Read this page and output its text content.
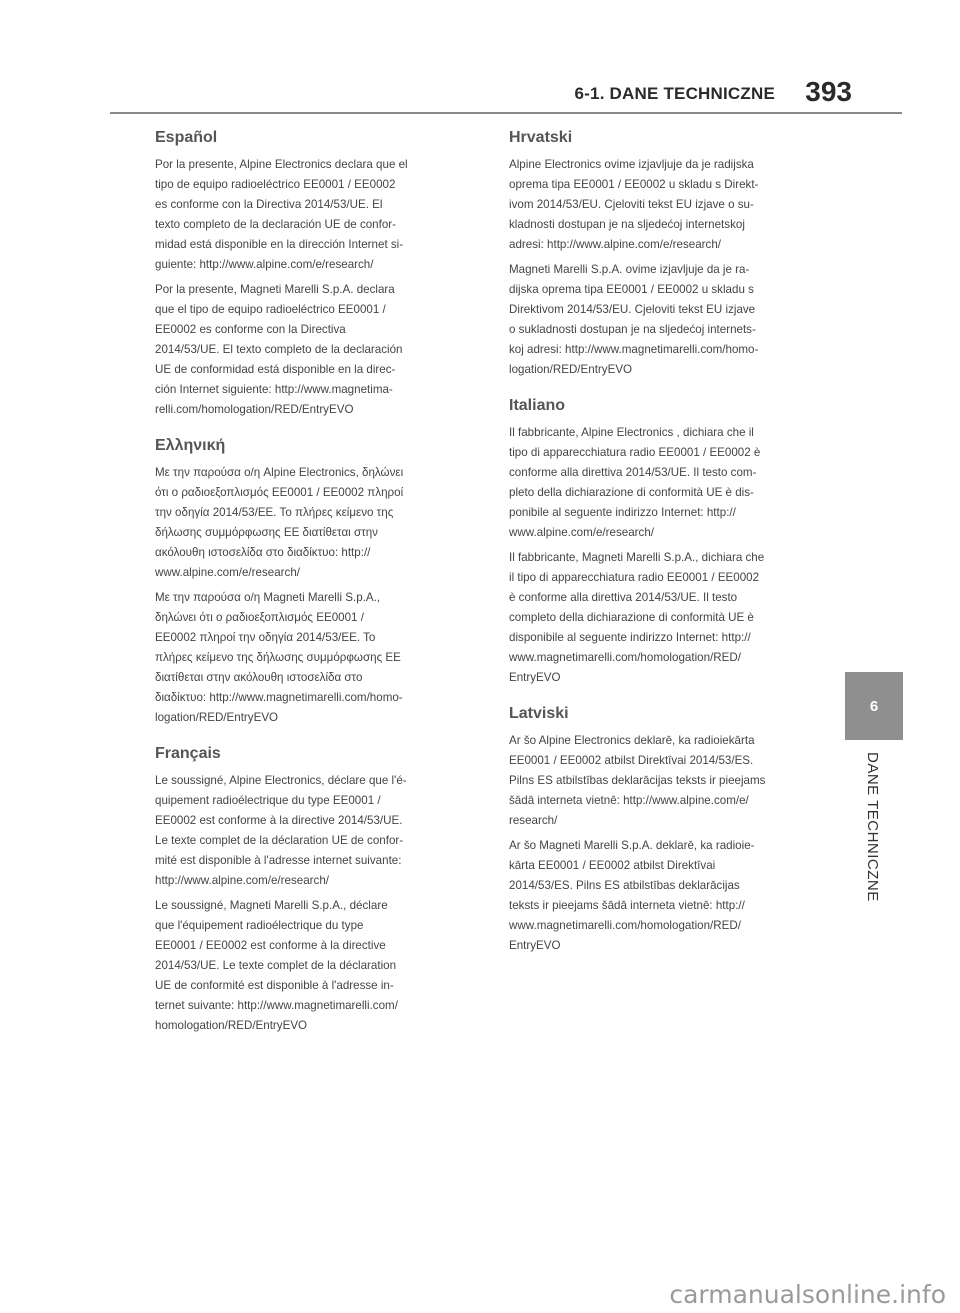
6-1. DANE TECHNICZNE 393
Español

Por la presente, Alpine Electronics declara que el
tipo de equipo radioeléctrico EE0001 / EE0002
es conforme con la Directiva 2014/53/UE. El
texto completo de la declaración UE de confor-
midad está disponible en la dirección Internet si-
guiente: http://www.alpine.com/e/research/

Por la presente, Magneti Marelli S.p.A. declara
que el tipo de equipo radioeléctrico EE0001 /
EE0002 es conforme con la Directiva
2014/53/UE. El texto completo de la declaración
UE de conformidad está disponible en la direc-
ción Internet siguiente: http://www.magnetima-
relli.com/homologation/RED/EntryEVO

Ελληνική

Με την παρούσα ο/η Alpine Electronics, δηλώνει
ότι ο ραδιοεξοπλισμός EE0001 / EE0002 πληροί
την οδηγία 2014/53/ΕΕ. Το πλήρες κείμενο της
δήλωσης συμμόρφωσης ΕΕ διατίθεται στην
ακόλουθη ιστοσελίδα στο διαδίκτυο: http://
www.alpine.com/e/research/

Με την παρούσα ο/η Magneti Marelli S.p.A.,
δηλώνει ότι ο ραδιοεξοπλισμός EE0001 /
EE0002 πληροί την οδηγία 2014/53/ΕΕ. Το
πλήρες κείμενο της δήλωσης συμμόρφωσης ΕΕ
διατίθεται στην ακόλουθη ιστοσελίδα στο
διαδίκτυο: http://www.magnetimarelli.com/homo-
logation/RED/EntryEVO

Français

Le soussigné, Alpine Electronics, déclare que l'é-
quipement radioélectrique du type EE0001 /
EE0002 est conforme à la directive 2014/53/UE.
Le texte complet de la déclaration UE de confor-
mité est disponible à l'adresse internet suivante:
http://www.alpine.com/e/research/

Le soussigné, Magneti Marelli S.p.A., déclare
que l'équipement radioélectrique du type
EE0001 / EE0002 est conforme à la directive
2014/53/UE. Le texte complet de la déclaration
UE de conformité est disponible à l'adresse in-
ternet suivante: http://www.magnetimarelli.com/
homologation/RED/EntryEVO

Hrvatski

Alpine Electronics ovime izjavljuje da je radijska
oprema tipa EE0001 / EE0002 u skladu s Direkt-
ivom 2014/53/EU. Cjeloviti tekst EU izjave o su-
kladnosti dostupan je na sljedećoj internetskoj
adresi: http://www.alpine.com/e/research/

Magneti Marelli S.p.A. ovime izjavljuje da je ra-
dijska oprema tipa EE0001 / EE0002 u skladu s
Direktivom 2014/53/EU. Cjeloviti tekst EU izjave
o sukladnosti dostupan je na sljedećoj internets-
koj adresi: http://www.magnetimarelli.com/homo-
logation/RED/EntryEVO

Italiano

Il fabbricante, Alpine Electronics , dichiara che il
tipo di apparecchiatura radio EE0001 / EE0002 è
conforme alla direttiva 2014/53/UE. Il testo com-
pleto della dichiarazione di conformità UE è dis-
ponibile al seguente indirizzo Internet: http://
www.alpine.com/e/research/

Il fabbricante, Magneti Marelli S.p.A., dichiara che
il tipo di apparecchiatura radio EE0001 / EE0002
è conforme alla direttiva 2014/53/UE. Il testo
completo della dichiarazione di conformità UE è
disponibile al seguente indirizzo Internet: http://
www.magnetimarelli.com/homologation/RED/
EntryEVO

Latviski

Ar šo Alpine Electronics deklarē, ka radioiekārta
EE0001 / EE0002 atbilst Direktīvai 2014/53/ES.
Pilns ES atbilstības deklarācijas teksts ir pieejams
šādā interneta vietnē: http://www.alpine.com/e/
research/

Ar šo Magneti Marelli S.p.A. deklarē, ka radioie-
kārta EE0001 / EE0002 atbilst Direktīvai
2014/53/ES. Pilns ES atbilstības deklarācijas
teksts ir pieejams šādā interneta vietnē: http://
www.magnetimarelli.com/homologation/RED/
EntryEVO

6
DANE TECHNICZNE
carmanualsonline.info
